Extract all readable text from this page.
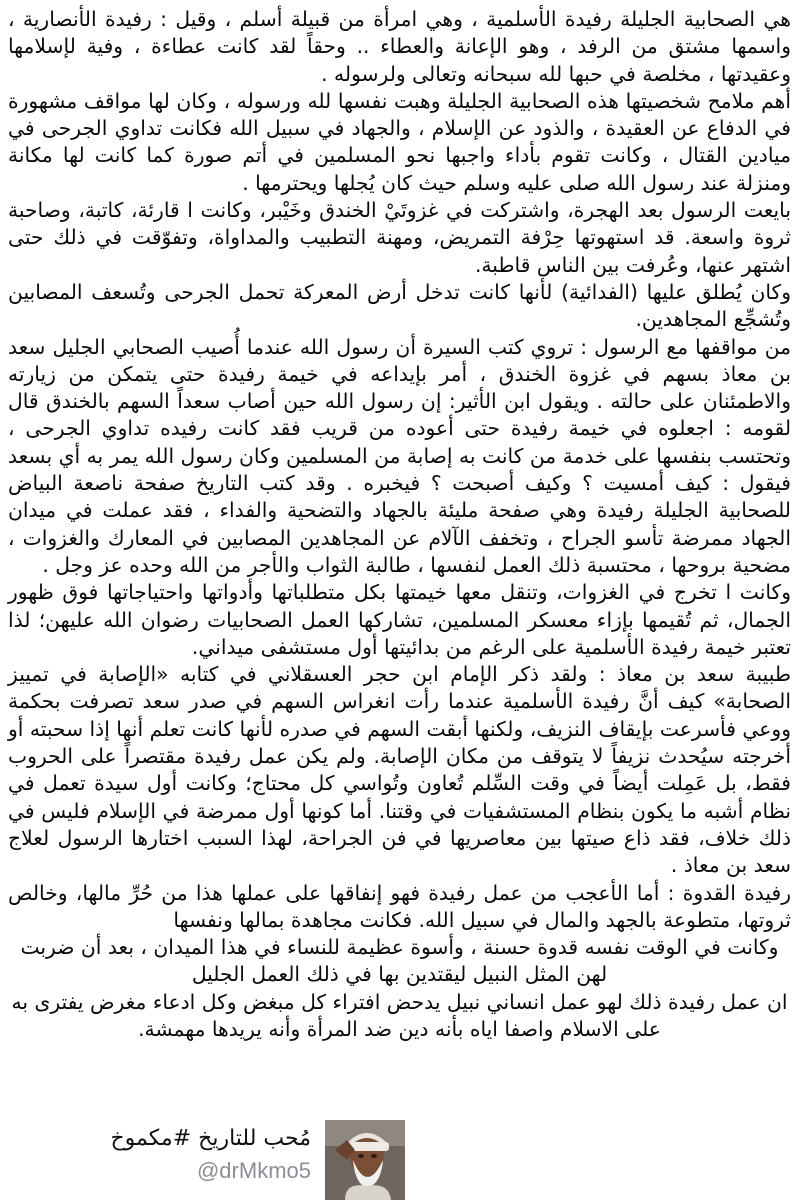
هي الصحابية الجليلة رفيدة الأسلمية ، وهي امرأة من قبيلة أسلم ، وقيل : رفيدة الأنصارية ، واسمها مشتق من الرفد ، وهو الإعانة والعطاء .. وحقاً لقد كانت عطاءة ، وفية لإسلامها وعقيدتها ، مخلصة في حبها لله سبحانه وتعالى ولرسوله .

أهم ملامح شخصيتها هذه الصحابية الجليلة وهبت نفسها لله ورسوله ، وكان لها مواقف مشهورة في الدفاع عن العقيدة ، والذود عن الإسلام ، والجهاد في سبيل الله فكانت تداوي الجرحى في ميادين القتال ، وكانت تقوم بأداء واجبها نحو المسلمين في أتم صورة كما كانت لها مكانة ومنزلة عند رسول الله صلى عليه وسلم حيث كان يُجلها ويحترمها .

بايعت الرسول بعد الهجرة، واشتركت في غزوتَيْ الخندق وخَيْبر، وكانت ا قارئة، كاتبة، وصاحبة ثروة واسعة. قد استهوتها حِرْفة التمريض، ومهنة التطبيب والمداواة، وتفوّقت في ذلك حتى اشتهر عنها، وعُرفت بين الناس قاطبة.

وكان يُطلق عليها (الفدائية) لأنها كانت تدخل أرض المعركة تحمل الجرحى وتُسعف المصابين وتُشجِّع المجاهدين.

من مواقفها مع الرسول : تروي كتب السيرة أن رسول الله عندما أُصيب الصحابي الجليل سعد بن معاذ بسهم في غزوة الخندق ، أمر بإيداعه في خيمة رفيدة حتى يتمكن من زيارته والاطمئنان على حالته . ويقول ابن الأثير: إن رسول الله حين أصاب سعداً السهم بالخندق قال لقومه : اجعلوه في خيمة رفيدة حتى أعوده من قريب فقد كانت رفيده تداوي الجرحى ، وتحتسب بنفسها على خدمة من كانت به إصابة من المسلمين وكان رسول الله يمر به أي بسعد فيقول : كيف أمسيت ؟ وكيف أصبحت ؟ فيخبره . وقد كتب التاريخ صفحة ناصعة البياض للصحابية الجليلة رفيدة وهي صفحة مليئة بالجهاد والتضحية والفداء ، فقد عملت في ميدان الجهاد ممرضة تأسو الجراح ، وتخفف الآلام عن المجاهدين المصابين في المعارك والغزوات ، مضحية بروحها ، محتسبة ذلك العمل لنفسها ، طالبة الثواب والأجر من الله وحده عز وجل .

وكانت ا تخرج في الغزوات، وتنقل معها خيمتها بكل متطلباتها وأدواتها واحتياجاتها فوق ظهور الجمال، ثم تُقيمها بإزاء معسكر المسلمين، تشاركها العمل الصحابيات رضوان الله عليهن؛ لذا تعتبر خيمة رفيدة الأسلمية على الرغم من بدائيتها أول مستشفى ميداني.

طبيبة سعد بن معاذ : ولقد ذكر الإمام ابن حجر العسقلاني في كتابه «الإصابة في تمييز الصحابة» كيف أنَّ رفيدة الأسلمية عندما رأت انغراس السهم في صدر سعد تصرفت بحكمة ووعي فأسرعت بإيقاف النزيف، ولكنها أبقت السهم في صدره لأنها كانت تعلم أنها إذا سحبته أو أخرجته سيُحدث نزيفاً لا يتوقف من مكان الإصابة. ولم يكن عمل رفيدة مقتصراً على الحروب فقط، بل عَمِلت أيضاً في وقت السِّلم تُعاون وتُواسي كل محتاج؛ وكانت أول سيدة تعمل في نظام أشبه ما يكون بنظام المستشفيات في وقتنا. أما كونها أول ممرضة في الإسلام فليس في ذلك خلاف، فقد ذاع صيتها بين معاصريها في فن الجراحة، لهذا السبب اختارها الرسول لعلاج سعد بن معاذ .

رفيدة القدوة : أما الأعجب من عمل رفيدة فهو إنفاقها على عملها هذا من حُرِّ مالها، وخالص ثروتها، متطوعة بالجهد والمال في سبيل الله. فكانت مجاهدة بمالها ونفسها

وكانت في الوقت نفسه قدوة حسنة ، وأسوة عظيمة للنساء في هذا الميدان ، بعد أن ضربت لهن المثل النبيل ليقتدين بها في ذلك العمل الجليل

ان عمل رفيدة ذلك لهو عمل انساني نبيل يدحض افتراء كل مبغض وكل ادعاء مغرض يفترى به على الاسلام واصفا اياه بأنه دين ضد المرأة وأنه يريدها مهمشة.

مُحب للتاريخ #مكموخ
@drMkmo5
